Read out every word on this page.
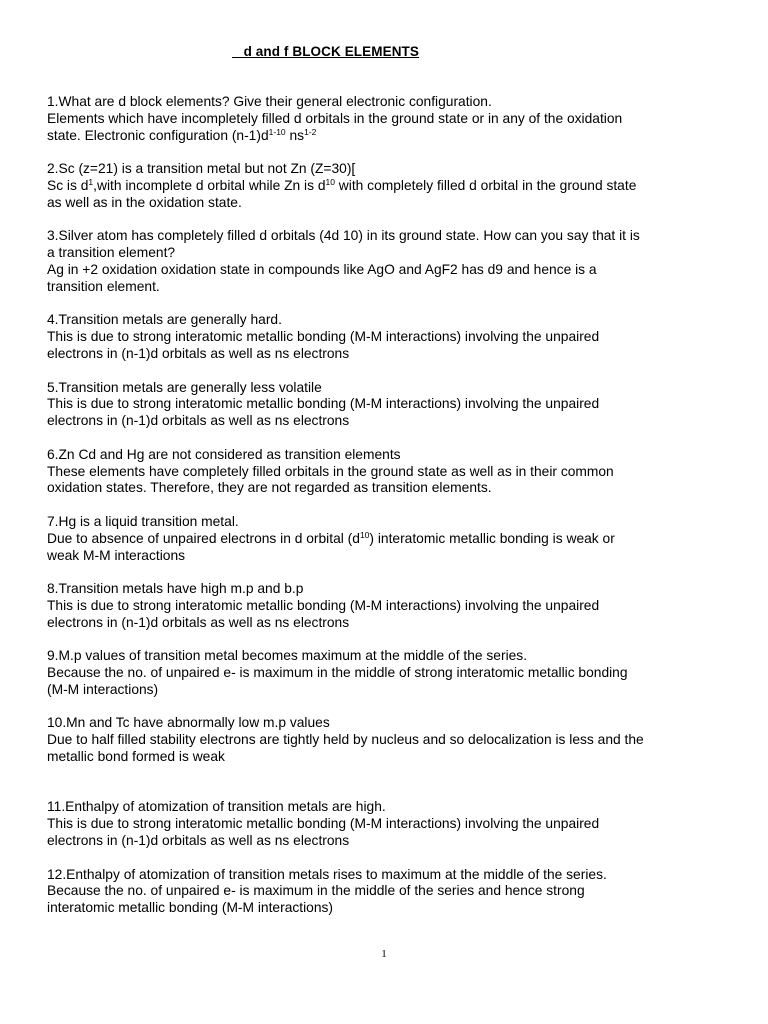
d and f BLOCK ELEMENTS
1.What are d block elements? Give their general electronic configuration.
Elements which have incompletely filled d orbitals in the ground state or in any of the oxidation
state. Electronic configuration $(n-1)d^{1-10}$ $ns^{1-2}$
2.Sc (z=21) is a transition metal but not Zn (Z=30)[
Sc is $d^1,with$ incomplete d orbital while Zn is $d^{10}$ with completely filled d orbital in the ground state
as well as in the oxidation state.
3.Silver atom has completely filled d orbitals (4d 10) in its ground state. How can you say that it is
a transition element?
Ag in +2 oxidation oxidation state in compounds like AgO and AgF2 has d9 and hence is a
transition element.
4.Transition metals are generally hard.
This is due to strong interatomic metallic bonding (M-M interactions) involving the unpaired
electrons in (n-1)d orbitals as well as ns electrons
5.Transition metals are generally less volatile
This is due to strong interatomic metallic bonding (M-M interactions) involving the unpaired
electrons in (n-1)d orbitals as well as ns electrons
6.Zn Cd and Hg are not considered as transition elements
These elements have completely filled orbitals in the ground state as well as in their common
oxidation states. Therefore, they are not regarded as transition elements.
7.Hg is a liquid transition metal.
Due to absence of unpaired electrons in d orbital $(d^{10})$ interatomic metallic bonding is weak or
weak M-M interactions
8.Transition metals have high m.p and b.p
This is due to strong interatomic metallic bonding (M-M interactions) involving the unpaired
electrons in (n-1)d orbitals as well as ns electrons
9.M.p values of transition metal becomes maximum at the middle of the series.
Because the no. of unpaired e- is maximum in the middle of strong interatomic metallic bonding
(M-M interactions)
10.Mn and Tc have abnormally low m.p values
Due to half filled stability electrons are tightly held by nucleus and so delocalization is less and the
metallic bond formed is weak
11.Enthalpy of atomization of transition metals are high.
This is due to strong interatomic metallic bonding (M-M interactions) involving the unpaired
electrons in (n-1)d orbitals as well as ns electrons
12.Enthalpy of atomization of transition metals rises to maximum at the middle of the series.
Because the no. of unpaired e- is maximum in the middle of the series and hence strong
interatomic metallic bonding (M-M interactions)
1
